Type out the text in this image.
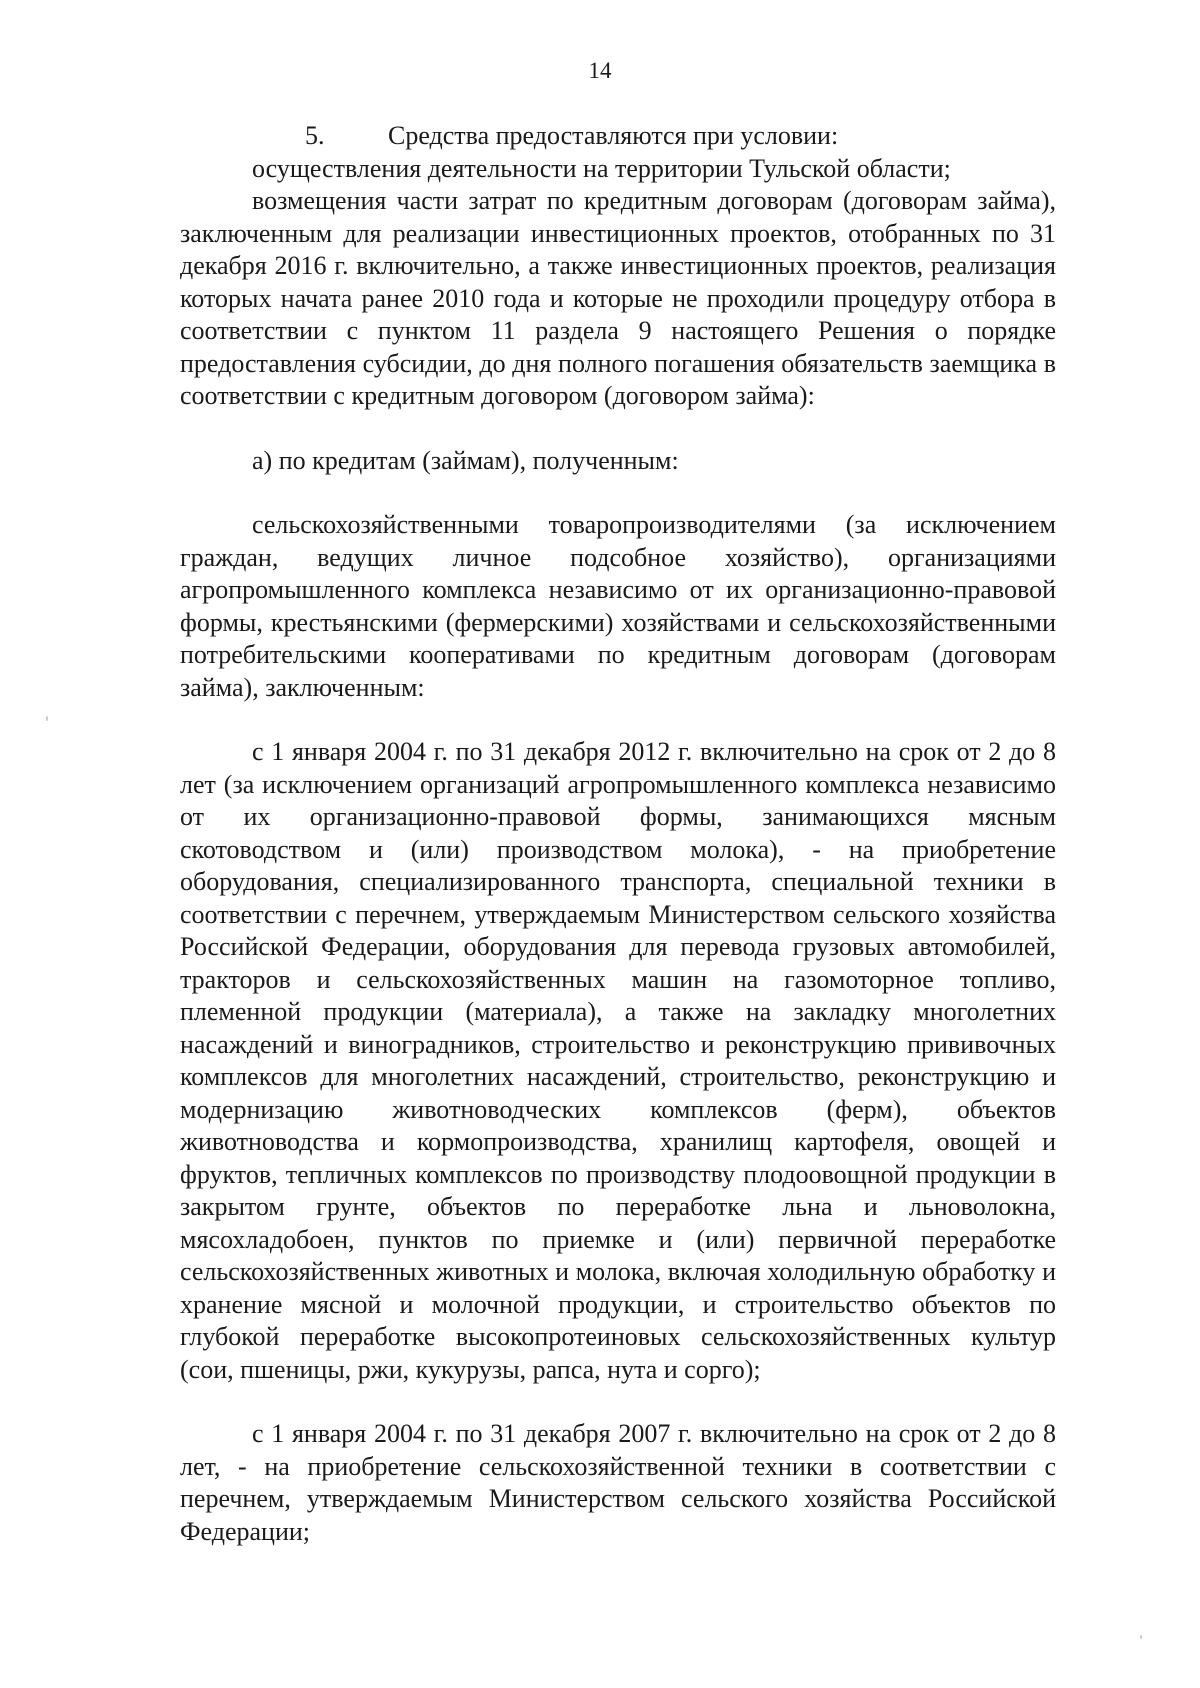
14

5. Средства предоставляются при условии:

осуществления деятельности на территории Тульской области;

возмещения части затрат по кредитным договорам (договорам займа), заключенным для реализации инвестиционных проектов, отобранных по 31 декабря 2016 г. включительно, а также инвестиционных проектов, реализация которых начата ранее 2010 года и которые не проходили процедуру отбора в соответствии с пунктом 11 раздела 9 настоящего Решения о порядке предоставления субсидии, до дня полного погашения обязательств заемщика в соответствии с кредитным договором (договором займа):

а) по кредитам (займам), полученным:

сельскохозяйственными товаропроизводителями (за исключением граждан, ведущих личное подсобное хозяйство), организациями агропромышленного комплекса независимо от их организационно-правовой формы, крестьянскими (фермерскими) хозяйствами и сельскохозяйственными потребительскими кооперативами по кредитным договорам (договорам займа), заключенным:

с 1 января 2004 г. по 31 декабря 2012 г. включительно на срок от 2 до 8 лет (за исключением организаций агропромышленного комплекса независимо от их организационно-правовой формы, занимающихся мясным скотоводством и (или) производством молока), - на приобретение оборудования, специализированного транспорта, специальной техники в соответствии с перечнем, утверждаемым Министерством сельского хозяйства Российской Федерации, оборудования для перевода грузовых автомобилей, тракторов и сельскохозяйственных машин на газомоторное топливо, племенной продукции (материала), а также на закладку многолетних насаждений и виноградников, строительство и реконструкцию прививочных комплексов для многолетних насаждений, строительство, реконструкцию и модернизацию животноводческих комплексов (ферм), объектов животноводства и кормопроизводства, хранилищ картофеля, овощей и фруктов, тепличных комплексов по производству плодоовощной продукции в закрытом грунте, объектов по переработке льна и льноволокна, мясохладобоен, пунктов по приемке и (или) первичной переработке сельскохозяйственных животных и молока, включая холодильную обработку и хранение мясной и молочной продукции, и строительство объектов по глубокой переработке высокопротеиновых сельскохозяйственных культур (сои, пшеницы, ржи, кукурузы, рапса, нута и сорго);

с 1 января 2004 г. по 31 декабря 2007 г. включительно на срок от 2 до 8 лет, - на приобретение сельскохозяйственной техники в соответствии с перечнем, утверждаемым Министерством сельского хозяйства Российской Федерации;
